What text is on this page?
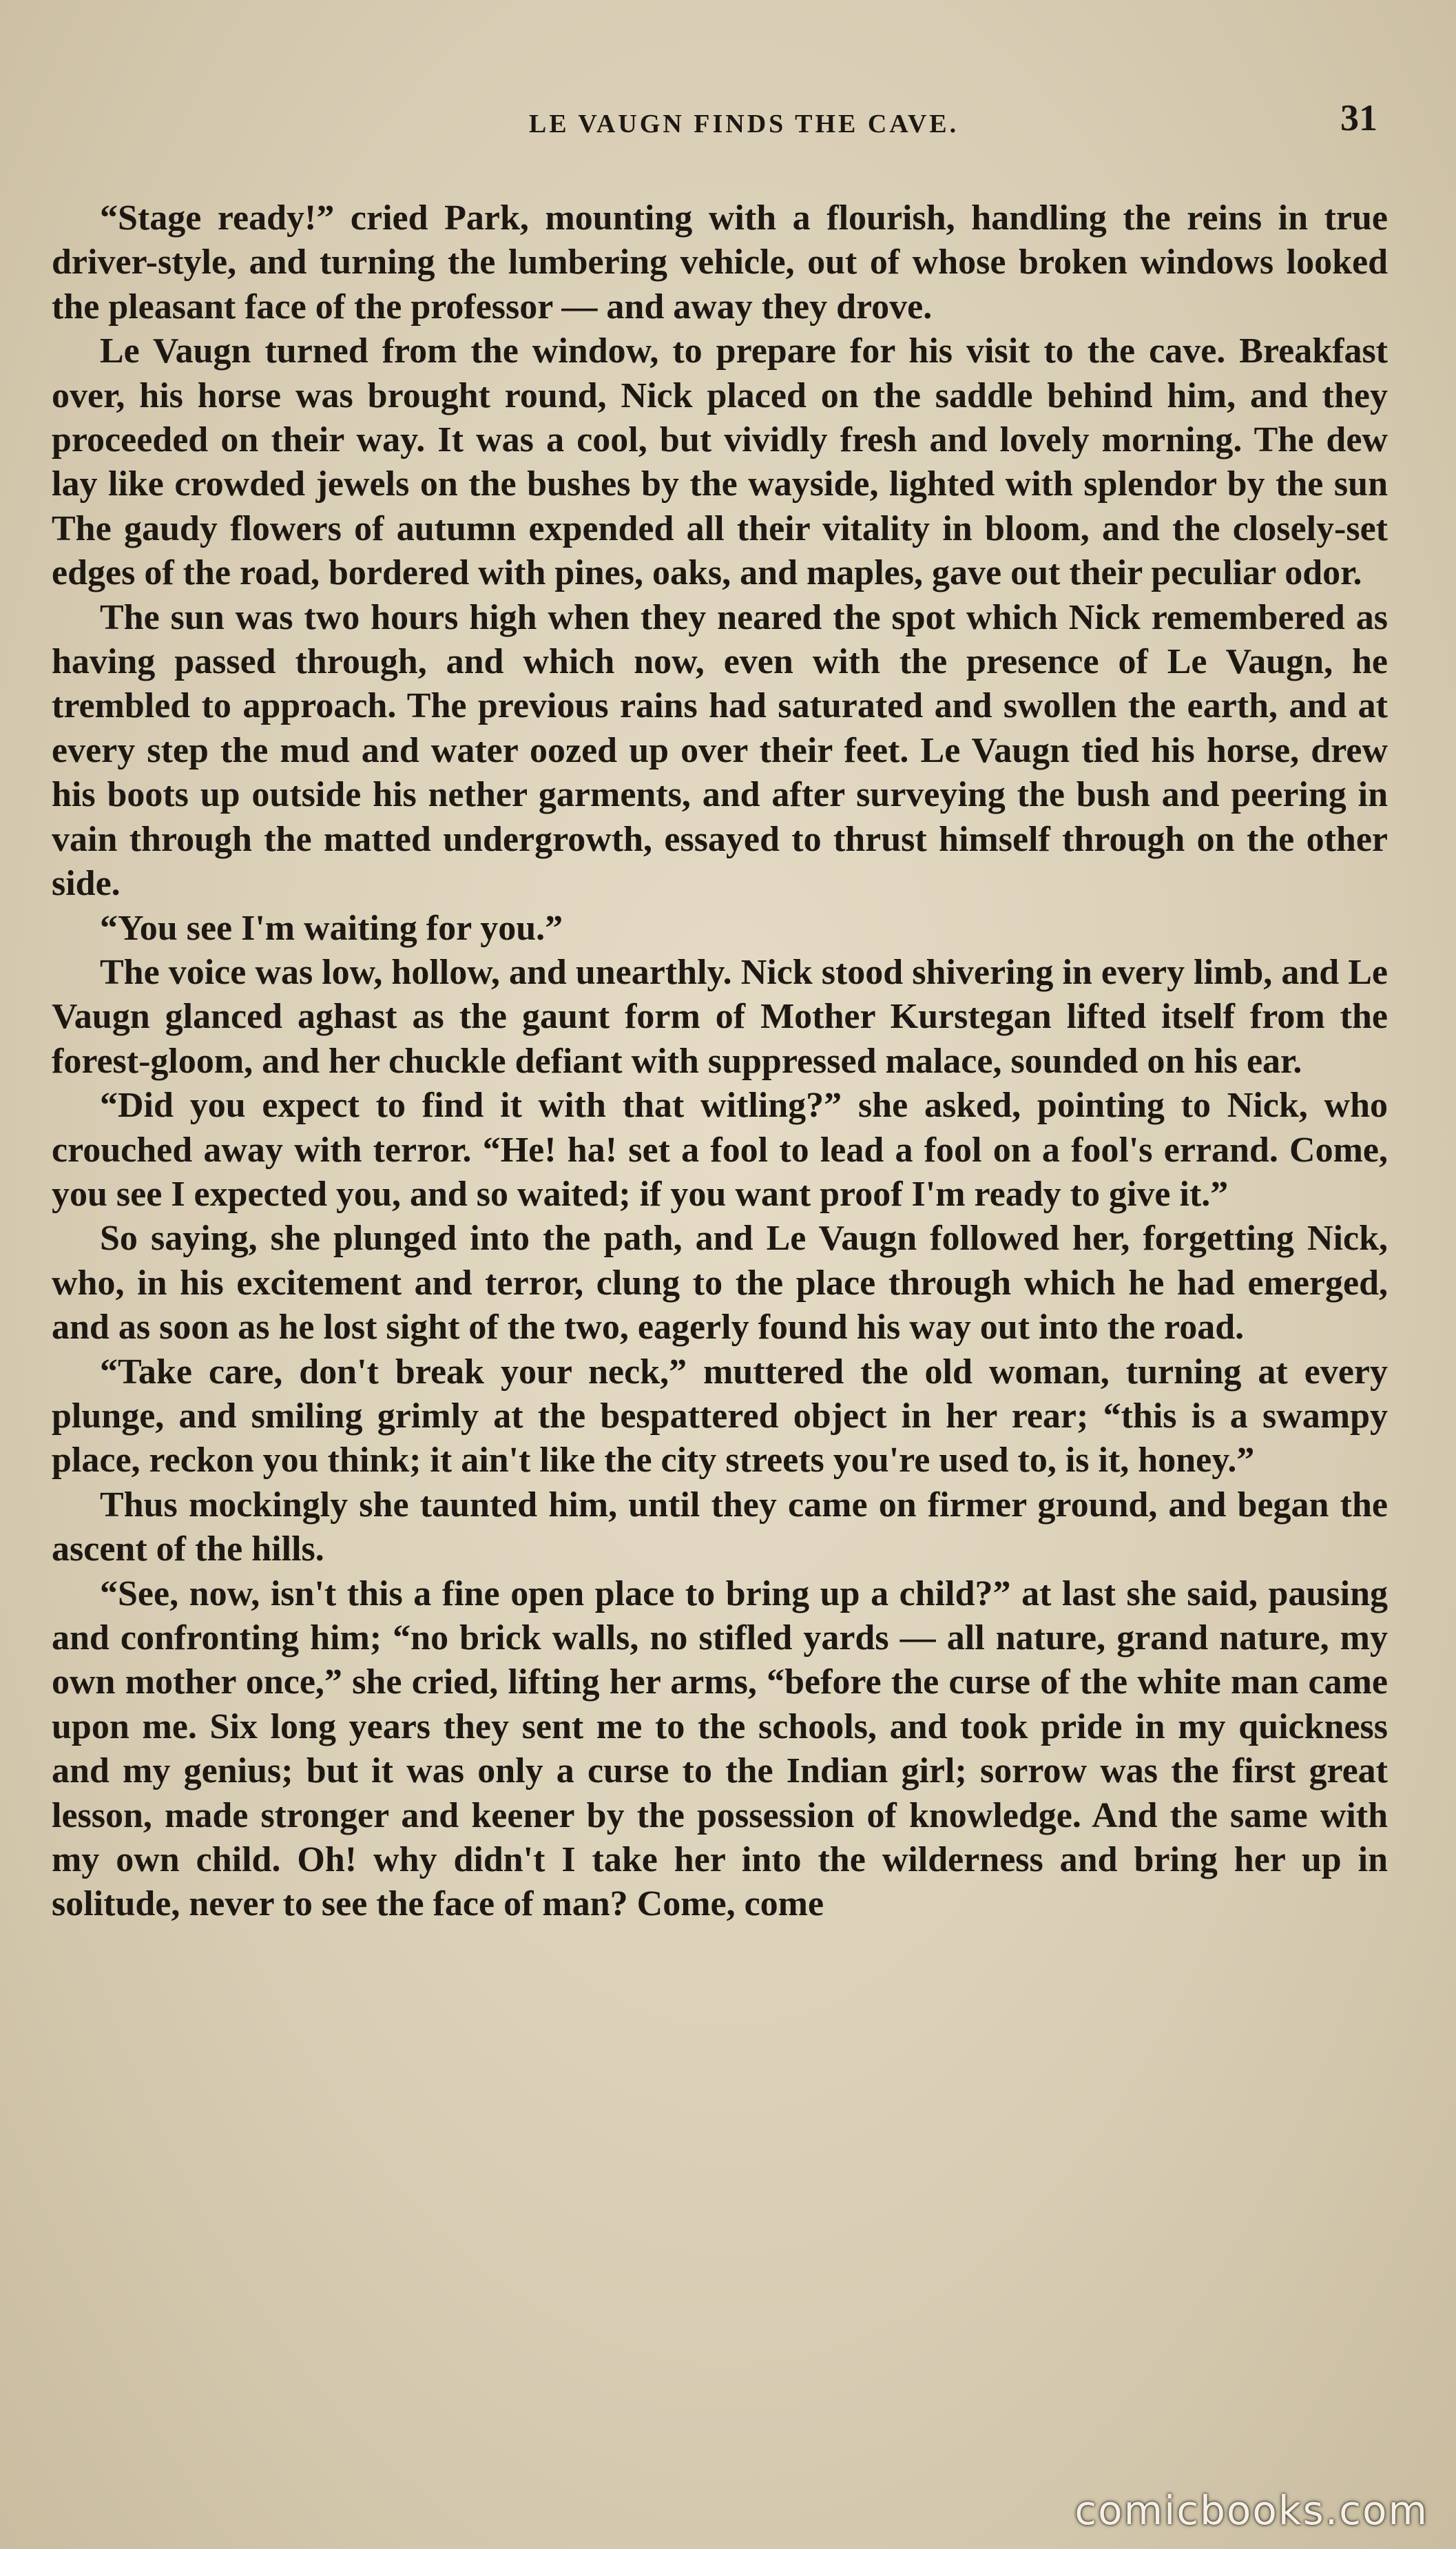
LE VAUGN FINDS THE CAVE.	31

“Stage ready!” cried Park, mounting with a flourish, handling the reins in true driver-style, and turning the lumbering vehicle, out of whose broken windows looked the pleasant face of the professor — and away they drove.

Le Vaugn turned from the window, to prepare for his visit to the cave. Breakfast over, his horse was brought round, Nick placed on the saddle behind him, and they proceeded on their way. It was a cool, but vividly fresh and lovely morning. The dew lay like crowded jewels on the bushes by the wayside, lighted with splendor by the sun The gaudy flowers of autumn expended all their vitality in bloom, and the closely-set edges of the road, bordered with pines, oaks, and maples, gave out their peculiar odor.

The sun was two hours high when they neared the spot which Nick remembered as having passed through, and which now, even with the presence of Le Vaugn, he trembled to approach. The previous rains had saturated and swollen the earth, and at every step the mud and water oozed up over their feet. Le Vaugn tied his horse, drew his boots up outside his nether garments, and after surveying the bush and peering in vain through the matted undergrowth, essayed to thrust himself through on the other side.

“You see I'm waiting for you.”

The voice was low, hollow, and unearthly. Nick stood shivering in every limb, and Le Vaugn glanced aghast as the gaunt form of Mother Kurstegan lifted itself from the forest-gloom, and her chuckle defiant with suppressed malace, sounded on his ear.

“Did you expect to find it with that witling?” she asked, pointing to Nick, who crouched away with terror. “He! ha! set a fool to lead a fool on a fool's errand. Come, you see I expected you, and so waited; if you want proof I'm ready to give it.”

So saying, she plunged into the path, and Le Vaugn followed her, forgetting Nick, who, in his excitement and terror, clung to the place through which he had emerged, and as soon as he lost sight of the two, eagerly found his way out into the road.

“Take care, don't break your neck,” muttered the old woman, turning at every plunge, and smiling grimly at the bespattered object in her rear; “this is a swampy place, reckon you think; it ain't like the city streets you're used to, is it, honey.”

Thus mockingly she taunted him, until they came on firmer ground, and began the ascent of the hills.

“See, now, isn't this a fine open place to bring up a child?” at last she said, pausing and confronting him; “no brick walls, no stifled yards — all nature, grand nature, my own mother once,” she cried, lifting her arms, “before the curse of the white man came upon me. Six long years they sent me to the schools, and took pride in my quickness and my genius; but it was only a curse to the Indian girl; sorrow was the first great lesson, made stronger and keener by the possession of knowledge. And the same with my own child. Oh! why didn't I take her into the wilderness and bring her up in solitude, never to see the face of man? Come, come

comicbooks.com
